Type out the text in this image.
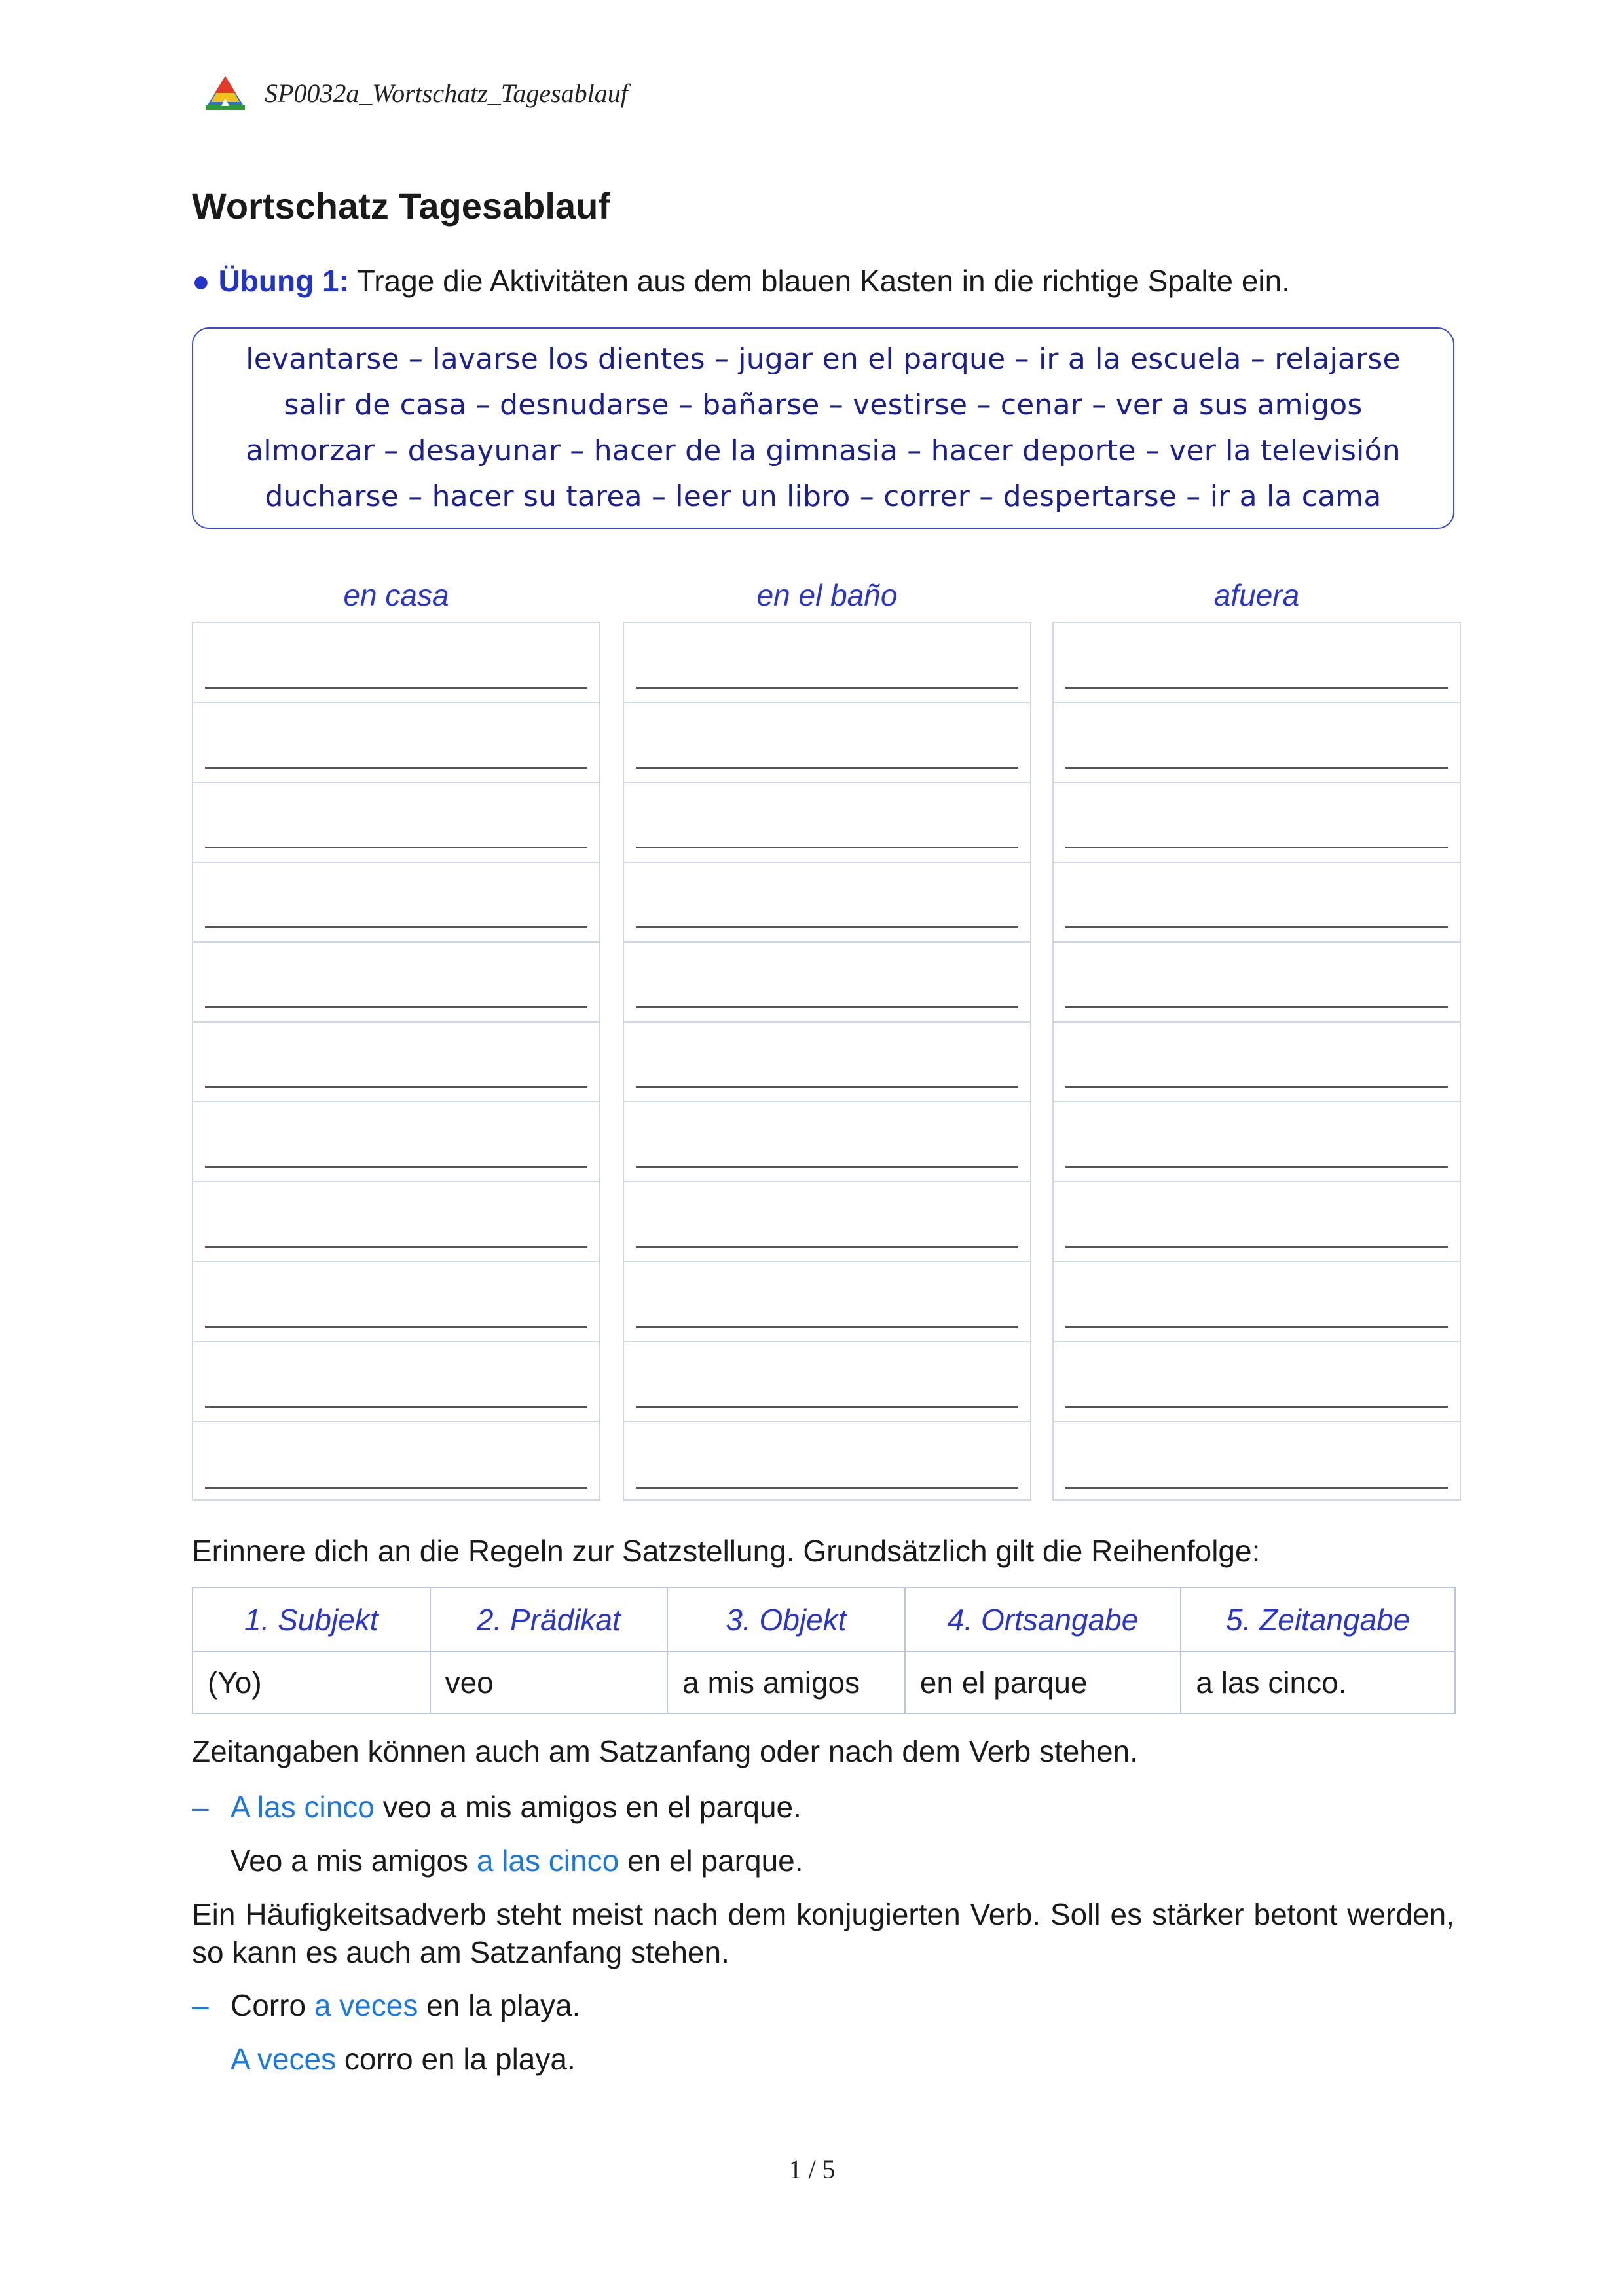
SP0032a_Wortschatz_Tagesablauf
Wortschatz Tagesablauf
● Übung 1: Trage die Aktivitäten aus dem blauen Kasten in die richtige Spalte ein.
levantarse – lavarse los dientes – jugar en el parque – ir a la escuela – relajarse
salir de casa – desnudarse – bañarse – vestirse – cenar – ver a sus amigos
almorzar – desayunar – hacer de la gimnasia – hacer deporte – ver la televisión
ducharse – hacer su tarea – leer un libro – correr – despertarse – ir a la cama
en casa	en el baño	afuera
Erinnere dich an die Regeln zur Satzstellung. Grundsätzlich gilt die Reihenfolge:
1. Subjekt	2. Prädikat	3. Objekt	4. Ortsangabe	5. Zeitangabe
(Yo)	veo	a mis amigos	en el parque	a las cinco.
Zeitangaben können auch am Satzanfang oder nach dem Verb stehen.
– A las cinco veo a mis amigos en el parque.
Veo a mis amigos a las cinco en el parque.
Ein Häufigkeitsadverb steht meist nach dem konjugierten Verb. Soll es stärker betont werden, so kann es auch am Satzanfang stehen.
– Corro a veces en la playa.
A veces corro en la playa.
1 / 5
